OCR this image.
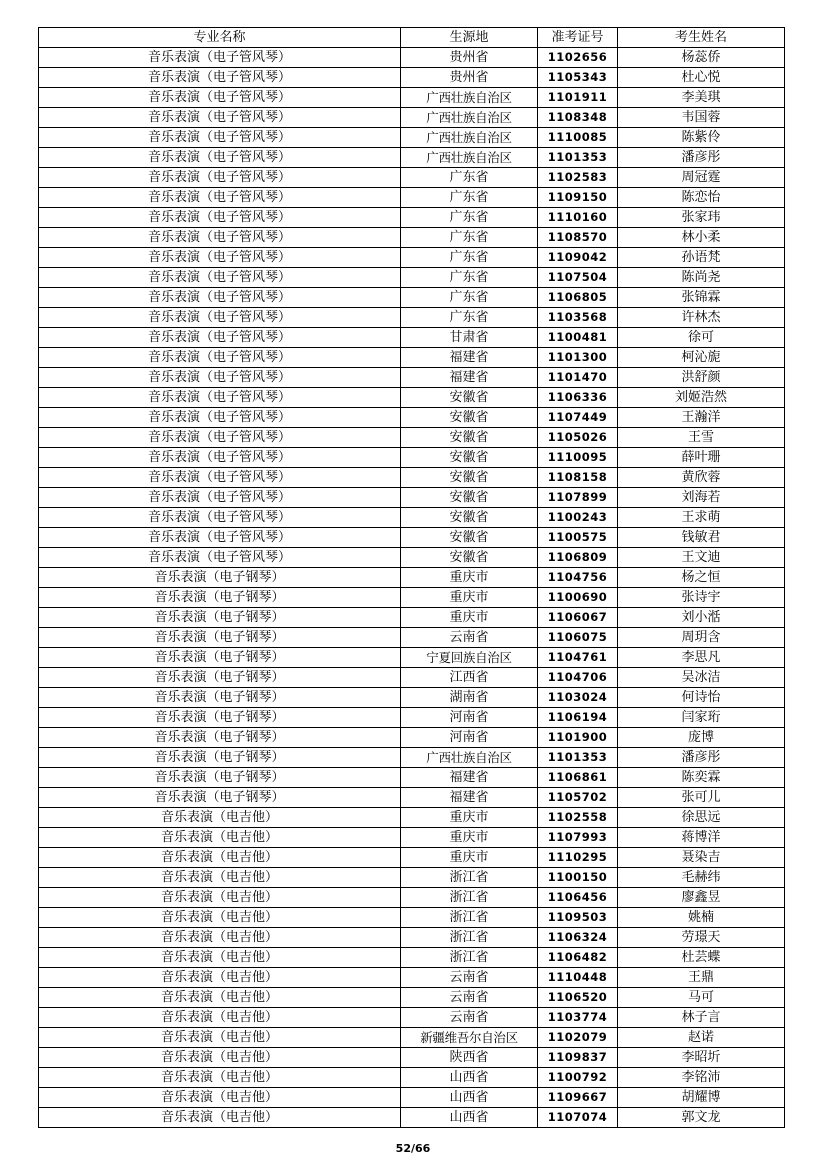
专业名称	生源地	准考证号	考生姓名
音乐表演（电子管风琴）	贵州省	1102656	杨蕊侨
音乐表演（电子管风琴）	贵州省	1105343	杜心悦
音乐表演（电子管风琴）	广西壮族自治区	1101911	李美琪
音乐表演（电子管风琴）	广西壮族自治区	1108348	韦国蓉
音乐表演（电子管风琴）	广西壮族自治区	1110085	陈紫伶
音乐表演（电子管风琴）	广西壮族自治区	1101353	潘彦彤
音乐表演（电子管风琴）	广东省	1102583	周冠霆
音乐表演（电子管风琴）	广东省	1109150	陈恋怡
音乐表演（电子管风琴）	广东省	1110160	张家玮
音乐表演（电子管风琴）	广东省	1108570	林小柔
音乐表演（电子管风琴）	广东省	1109042	孙语梵
音乐表演（电子管风琴）	广东省	1107504	陈尚尧
音乐表演（电子管风琴）	广东省	1106805	张锦霖
音乐表演（电子管风琴）	广东省	1103568	许林杰
音乐表演（电子管风琴）	甘肃省	1100481	徐可
音乐表演（电子管风琴）	福建省	1101300	柯沁旎
音乐表演（电子管风琴）	福建省	1101470	洪舒颜
音乐表演（电子管风琴）	安徽省	1106336	刘姬浩然
音乐表演（电子管风琴）	安徽省	1107449	王瀚洋
音乐表演（电子管风琴）	安徽省	1105026	王雪
音乐表演（电子管风琴）	安徽省	1110095	薛叶珊
音乐表演（电子管风琴）	安徽省	1108158	黄欣蓉
音乐表演（电子管风琴）	安徽省	1107899	刘海若
音乐表演（电子管风琴）	安徽省	1100243	王求萌
音乐表演（电子管风琴）	安徽省	1100575	钱敏君
音乐表演（电子管风琴）	安徽省	1106809	王文迪
音乐表演（电子钢琴）	重庆市	1104756	杨之恒
音乐表演（电子钢琴）	重庆市	1100690	张诗宇
音乐表演（电子钢琴）	重庆市	1106067	刘小湉
音乐表演（电子钢琴）	云南省	1106075	周玥含
音乐表演（电子钢琴）	宁夏回族自治区	1104761	李思凡
音乐表演（电子钢琴）	江西省	1104706	吴冰洁
音乐表演（电子钢琴）	湖南省	1103024	何诗怡
音乐表演（电子钢琴）	河南省	1106194	闫家珩
音乐表演（电子钢琴）	河南省	1101900	庞博
音乐表演（电子钢琴）	广西壮族自治区	1101353	潘彦彤
音乐表演（电子钢琴）	福建省	1106861	陈奕霖
音乐表演（电子钢琴）	福建省	1105702	张可儿
音乐表演（电吉他）	重庆市	1102558	徐思远
音乐表演（电吉他）	重庆市	1107993	蒋博洋
音乐表演（电吉他）	重庆市	1110295	聂染吉
音乐表演（电吉他）	浙江省	1100150	毛赫纬
音乐表演（电吉他）	浙江省	1106456	廖鑫昱
音乐表演（电吉他）	浙江省	1109503	姚楠
音乐表演（电吉他）	浙江省	1106324	劳璟天
音乐表演（电吉他）	浙江省	1106482	杜芸蝶
音乐表演（电吉他）	云南省	1110448	王鼎
音乐表演（电吉他）	云南省	1106520	马可
音乐表演（电吉他）	云南省	1103774	林子言
音乐表演（电吉他）	新疆维吾尔自治区	1102079	赵诺
音乐表演（电吉他）	陕西省	1109837	李昭圻
音乐表演（电吉他）	山西省	1100792	李铭沛
音乐表演（电吉他）	山西省	1109667	胡耀博
音乐表演（电吉他）	山西省	1107074	郭文龙
52/66
